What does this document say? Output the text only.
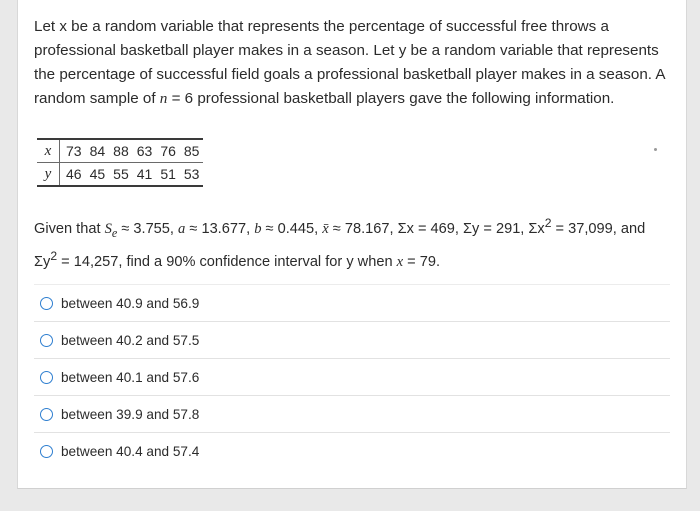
Let x be a random variable that represents the percentage of successful free throws a professional basketball player makes in a season. Let y be a random variable that represents the percentage of successful field goals a professional basketball player makes in a season. A random sample of n = 6 professional basketball players gave the following information.

x	73	84	88	63	76	85
y	46	45	55	41	51	53

Given that $S_e \approx 3.755$, a ≈ 13.677, b ≈ 0.445, x̄ ≈ 78.167, Σx = 469, Σy = 291, $\Sigma x^2 = 37,099$, and
$\Sigma y^2 = 14,257$, find a 90% confidence interval for y when x = 79.

between 40.9 and 56.9
between 40.2 and 57.5
between 40.1 and 57.6
between 39.9 and 57.8
between 40.4 and 57.4
